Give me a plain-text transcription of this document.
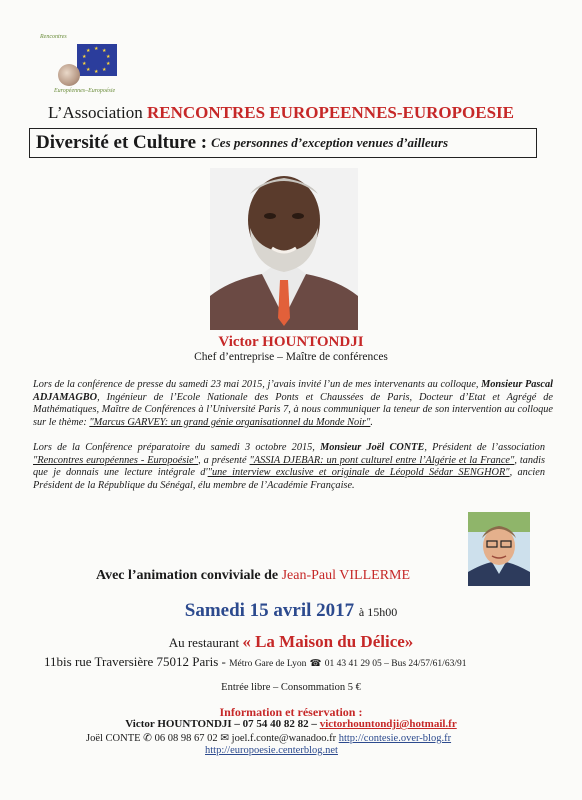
Rencontres
★ ★
★
★
★
★
★
★
★
★
Européennes–Europoésie
L’Association RENCONTRES EUROPEENNES-EUROPOESIE
Diversité et Culture : Ces personnes d’exception venues d’ailleurs
Victor HOUNTONDJI
Chef d’entreprise – Maître de conférences
Lors de la conférence de presse du samedi 23 mai 2015, j’avais invité l’un de mes intervenants au colloque, Monsieur Pascal ADJAMAGBO, Ingénieur de l’Ecole Nationale des Ponts et Chaussées de Paris, Docteur d’Etat et Agrégé de Mathématiques, Maître de Conférences à l’Université Paris 7, à nous communiquer la teneur de son intervention au colloque sur le thème: "Marcus GARVEY: un grand génie organisationnel du Monde Noir".
Lors de la Conférence préparatoire du samedi 3 octobre 2015, Monsieur Joël CONTE, Président de l’association "Rencontres européennes - Europoésie", a présenté "ASSIA DJEBAR: un pont culturel entre l’Algérie et la France", tandis que je donnais une lecture intégrale d'"une interview exclusive et originale de Léopold Sédar SENGHOR", ancien Président de la République du Sénégal, élu membre de l’Académie Française.
Avec l’animation conviviale de Jean-Paul VILLERME
Samedi 15 avril 2017 à 15h00
Au restaurant « La Maison du Délice»
11bis rue Traversière 75012 Paris - Métro Gare de Lyon ☎ 01 43 41 29 05 – Bus 24/57/61/63/91
Entrée libre – Consommation 5 €
Information et réservation :
Victor HOUNTONDJI – 07 54 40 82 82 – victorhountondji@hotmail.fr
Joël CONTE ✆ 06 08 98 67 02 ✉ joel.f.conte@wanadoo.fr http://contesie.over-blog.fr
http://europoesie.centerblog.net
